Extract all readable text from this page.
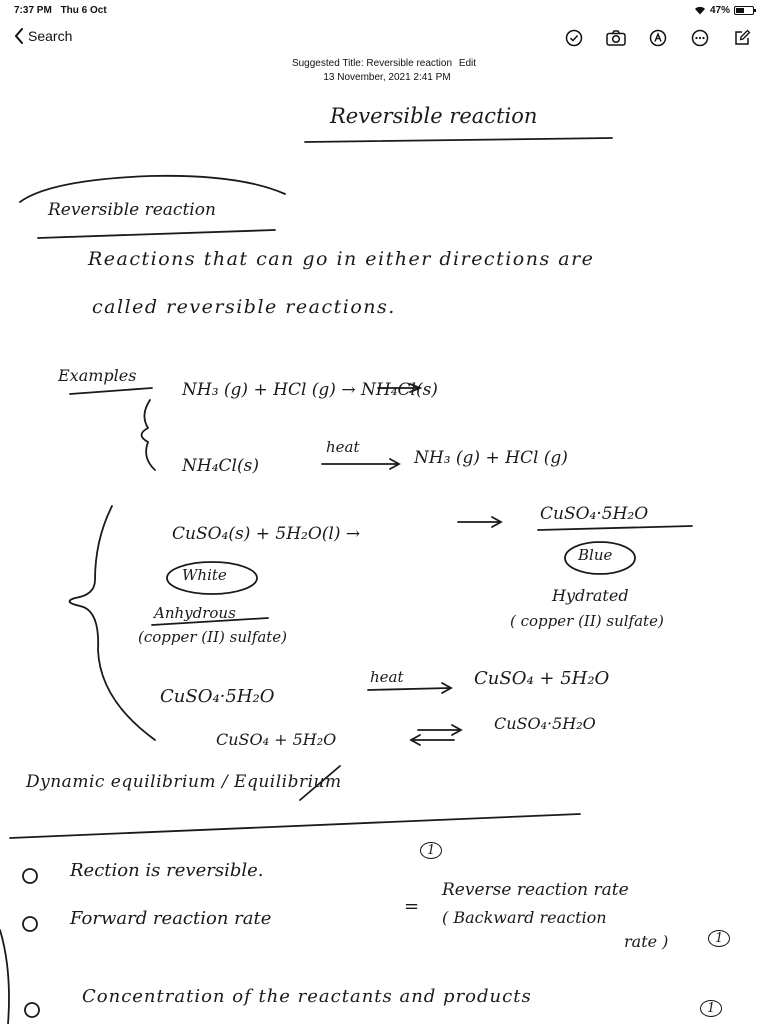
7:37 PM Thu 6 Oct	47%
Search
Suggested Title: Reversible reaction Edit
13 November, 2021 2:41 PM
Reversible reaction
Reversible reaction
Reactions that can go in either directions are
called reversible reactions.
Examples
NH₃ (g) + HCl (g) → NH₄Cl(s)
NH₄Cl(s)
heat
NH₃ (g) + HCl (g)
CuSO₄(s) + 5H₂O(l) →
CuSO₄·5H₂O
Blue
White
Hydrated
Anhydrous
(copper (II) sulfate)
( copper (II) sulfate)
CuSO₄·5H₂O
heat	CuSO₄ + 5H₂O
CuSO₄ + 5H₂O
CuSO₄·5H₂O
Dynamic equilibrium / Equilibrium
Rection is reversible.
1
Forward reaction rate
=
Reverse reaction rate
( Backward reaction
rate )	1
Concentration of the reactants and products
1
